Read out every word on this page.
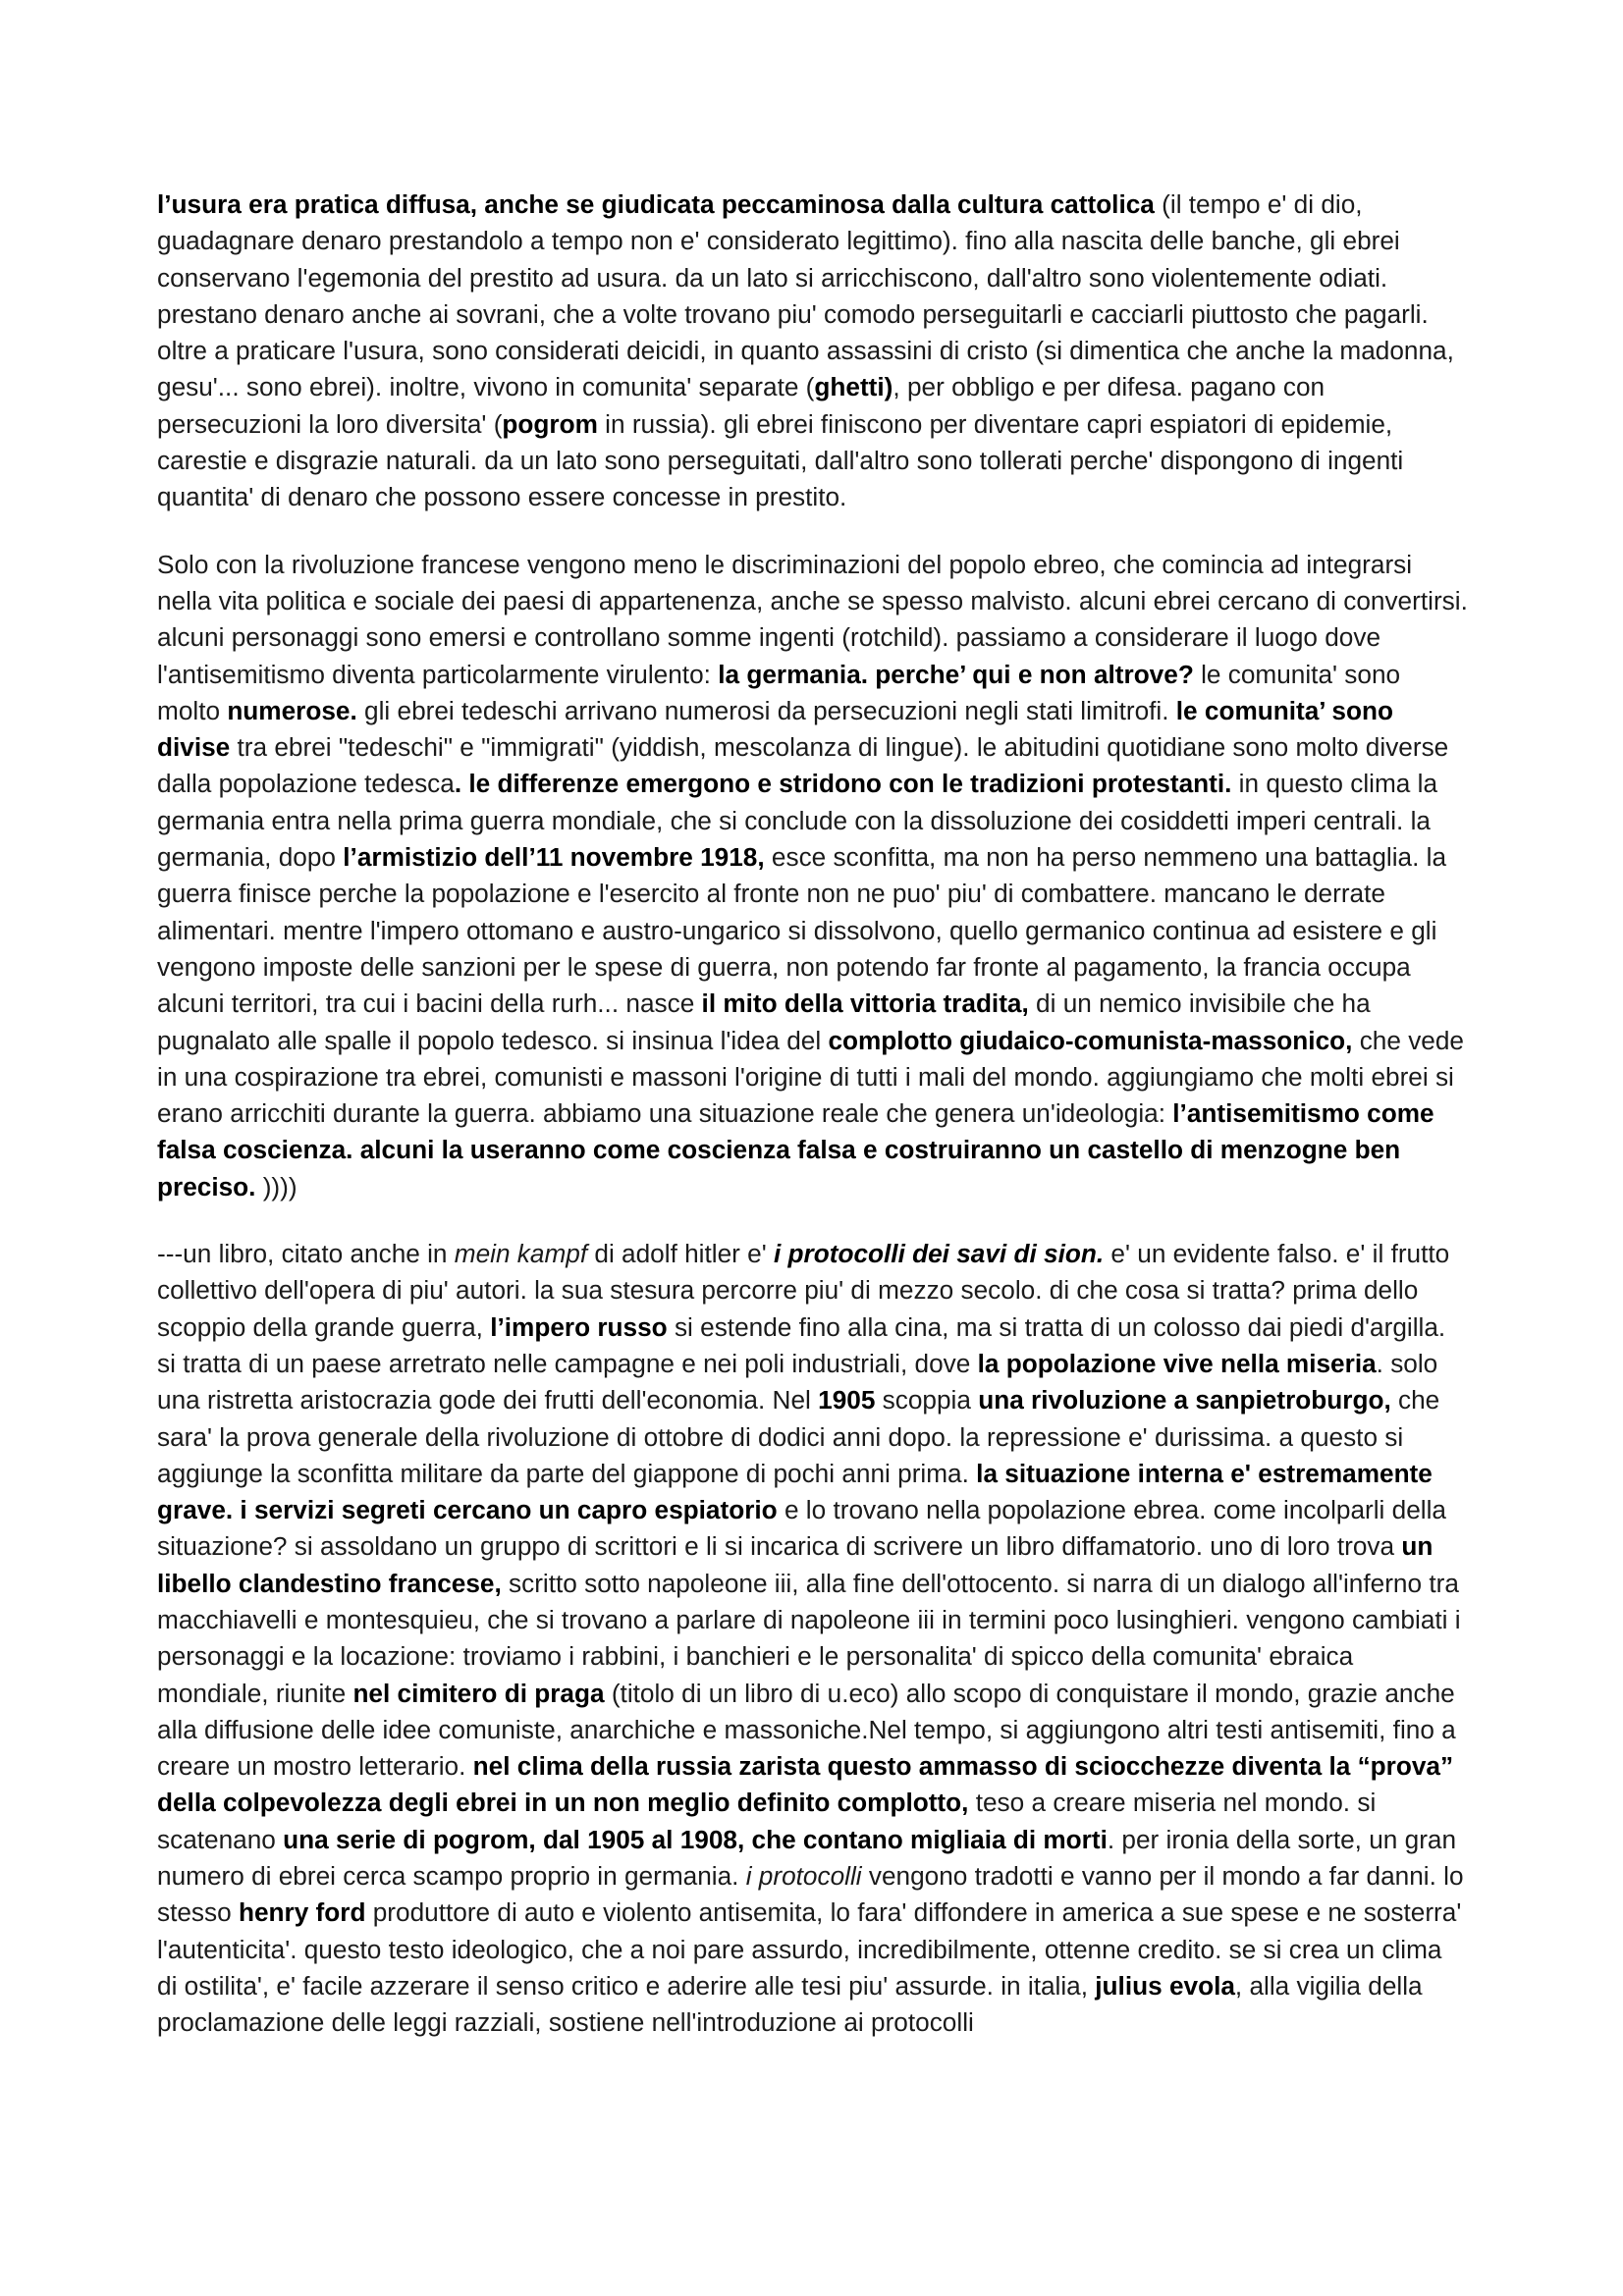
l’usura era pratica diffusa, anche se giudicata peccaminosa dalla cultura cattolica (il tempo e' di dio, guadagnare denaro prestandolo a tempo non e' considerato legittimo). fino alla nascita delle banche, gli ebrei conservano l'egemonia del prestito ad usura. da un lato si arricchiscono, dall'altro sono violentemente odiati. prestano denaro anche ai sovrani, che a volte trovano piu' comodo perseguitarli e cacciarli piuttosto che pagarli. oltre a praticare l'usura, sono considerati deicidi, in quanto assassini di cristo (si dimentica che anche la madonna, gesu'... sono ebrei). inoltre, vivono in comunita' separate (ghetti), per obbligo e per difesa. pagano con persecuzioni la loro diversita' (pogrom in russia). gli ebrei finiscono per diventare capri espiatori di epidemie, carestie e disgrazie naturali. da un lato sono perseguitati, dall'altro sono tollerati perche' dispongono di ingenti quantita' di denaro che possono essere concesse in prestito.

Solo con la rivoluzione francese vengono meno le discriminazioni del popolo ebreo, che comincia ad integrarsi nella vita politica e sociale dei paesi di appartenenza, anche se spesso malvisto. alcuni ebrei cercano di convertirsi. alcuni personaggi sono emersi e controllano somme ingenti (rotchild). passiamo a considerare il luogo dove l'antisemitismo diventa particolarmente virulento: la germania. perche’ qui e non altrove? le comunita' sono molto numerose. gli ebrei tedeschi arrivano numerosi da persecuzioni negli stati limitrofi. le comunita’ sono divise tra ebrei "tedeschi" e "immigrati" (yiddish, mescolanza di lingue). le abitudini quotidiane sono molto diverse dalla popolazione tedesca. le differenze emergono e stridono con le tradizioni protestanti. in questo clima la germania entra nella prima guerra mondiale, che si conclude con la dissoluzione dei cosiddetti imperi centrali. la germania, dopo l’armistizio dell’11 novembre 1918, esce sconfitta, ma non ha perso nemmeno una battaglia. la guerra finisce perche la popolazione e l'esercito al fronte non ne puo' piu' di combattere. mancano le derrate alimentari. mentre l'impero ottomano e austro-ungarico si dissolvono, quello germanico continua ad esistere e gli vengono imposte delle sanzioni per le spese di guerra, non potendo far fronte al pagamento, la francia occupa alcuni territori, tra cui i bacini della rurh... nasce il mito della vittoria tradita, di un nemico invisibile che ha pugnalato alle spalle il popolo tedesco. si insinua l'idea del complotto giudaico-comunista-massonico, che vede in una cospirazione tra ebrei, comunisti e massoni l'origine di tutti i mali del mondo. aggiungiamo che molti ebrei si erano arricchiti durante la guerra. abbiamo una situazione reale che genera un'ideologia: l’antisemitismo come falsa coscienza. alcuni la useranno come coscienza falsa e costruiranno un castello di menzogne ben preciso. ))))

---un libro, citato anche in mein kampf di adolf hitler e' i protocolli dei savi di sion. e' un evidente falso. e' il frutto collettivo dell'opera di piu' autori. la sua stesura percorre piu' di mezzo secolo. di che cosa si tratta? prima dello scoppio della grande guerra, l’impero russo si estende fino alla cina, ma si tratta di un colosso dai piedi d'argilla. si tratta di un paese arretrato nelle campagne e nei poli industriali, dove la popolazione vive nella miseria. solo una ristretta aristocrazia gode dei frutti dell'economia. Nel 1905 scoppia una rivoluzione a sanpietroburgo, che sara' la prova generale della rivoluzione di ottobre di dodici anni dopo. la repressione e' durissima. a questo si aggiunge la sconfitta militare da parte del giappone di pochi anni prima. la situazione interna e' estremamente grave. i servizi segreti cercano un capro espiatorio e lo trovano nella popolazione ebrea. come incolparli della situazione? si assoldano un gruppo di scrittori e li si incarica di scrivere un libro diffamatorio. uno di loro trova un libello clandestino francese, scritto sotto napoleone iii, alla fine dell'ottocento. si narra di un dialogo all'inferno tra macchiavelli e montesquieu, che si trovano a parlare di napoleone iii in termini poco lusinghieri. vengono cambiati i personaggi e la locazione: troviamo i rabbini, i banchieri e le personalita' di spicco della comunita' ebraica mondiale, riunite nel cimitero di praga (titolo di un libro di u.eco) allo scopo di conquistare il mondo, grazie anche alla diffusione delle idee comuniste, anarchiche e massoniche.Nel tempo, si aggiungono altri testi antisemiti, fino a creare un mostro letterario. nel clima della russia zarista questo ammasso di sciocchezze diventa la “prova” della colpevolezza degli ebrei in un non meglio definito complotto, teso a creare miseria nel mondo. si scatenano una serie di pogrom, dal 1905 al 1908, che contano migliaia di morti. per ironia della sorte, un gran numero di ebrei cerca scampo proprio in germania. i protocolli vengono tradotti e vanno per il mondo a far danni. lo stesso henry ford produttore di auto e violento antisemita, lo fara' diffondere in america a sue spese e ne sosterra' l'autenticita'. questo testo ideologico, che a noi pare assurdo, incredibilmente, ottenne credito. se si crea un clima di ostilita', e' facile azzerare il senso critico e aderire alle tesi piu' assurde. in italia, julius evola, alla vigilia della proclamazione delle leggi razziali, sostiene nell'introduzione ai protocolli
